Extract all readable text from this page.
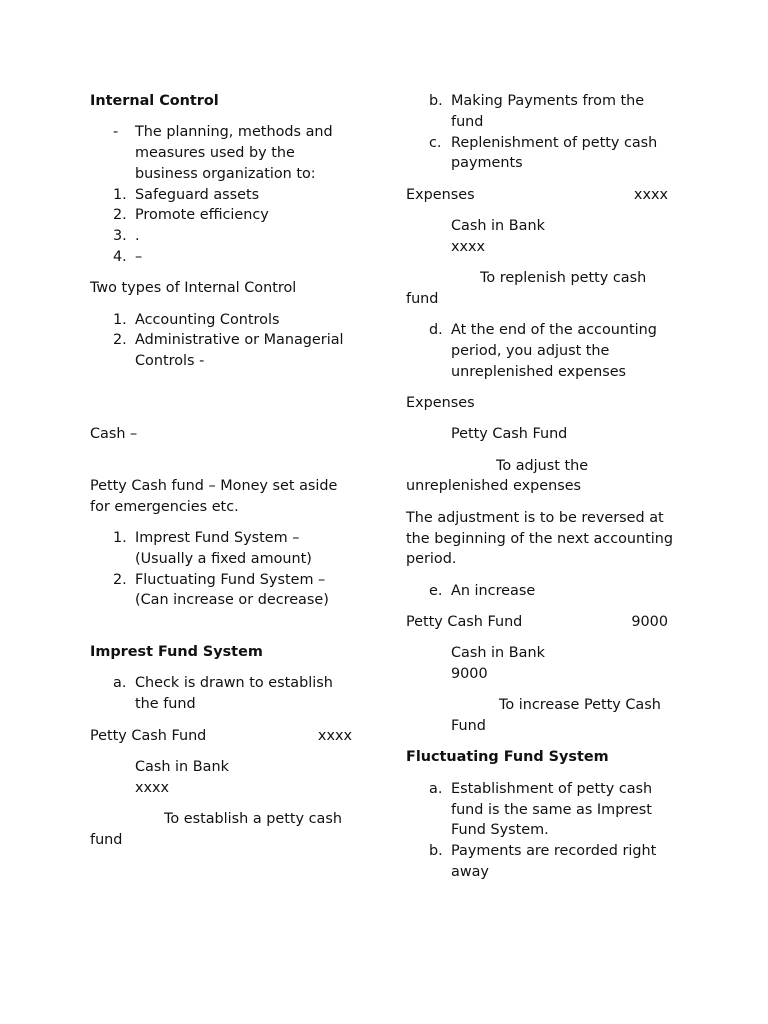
Internal Control
- The planning, methods and measures used by the business organization to:
1. Safeguard assets
2. Promote efficiency
3. .
4. –
Two types of Internal Control
1. Accounting Controls
2. Administrative or Managerial Controls -
Cash –
Petty Cash fund – Money set aside for emergencies etc.
1. Imprest Fund System – (Usually a fixed amount)
2. Fluctuating Fund System – (Can increase or decrease)
Imprest Fund System
a. Check is drawn to establish the fund
Petty Cash Fund	xxxx
Cash in Bank
xxxx
To establish a petty cash
fund
b. Making Payments from the fund
c. Replenishment of petty cash payments
Expenses	xxxx
Cash in Bank
xxxx
To replenish petty cash
fund
d. At the end of the accounting period, you adjust the unreplenished expenses
Expenses
Petty Cash Fund
To adjust the
unreplenished expenses
The adjustment is to be reversed at the beginning of the next accounting period.
e. An increase
Petty Cash Fund	9000
Cash in Bank
9000
To increase Petty Cash
Fund
Fluctuating Fund System
a. Establishment of petty cash fund is the same as Imprest Fund System.
b. Payments are recorded right away
